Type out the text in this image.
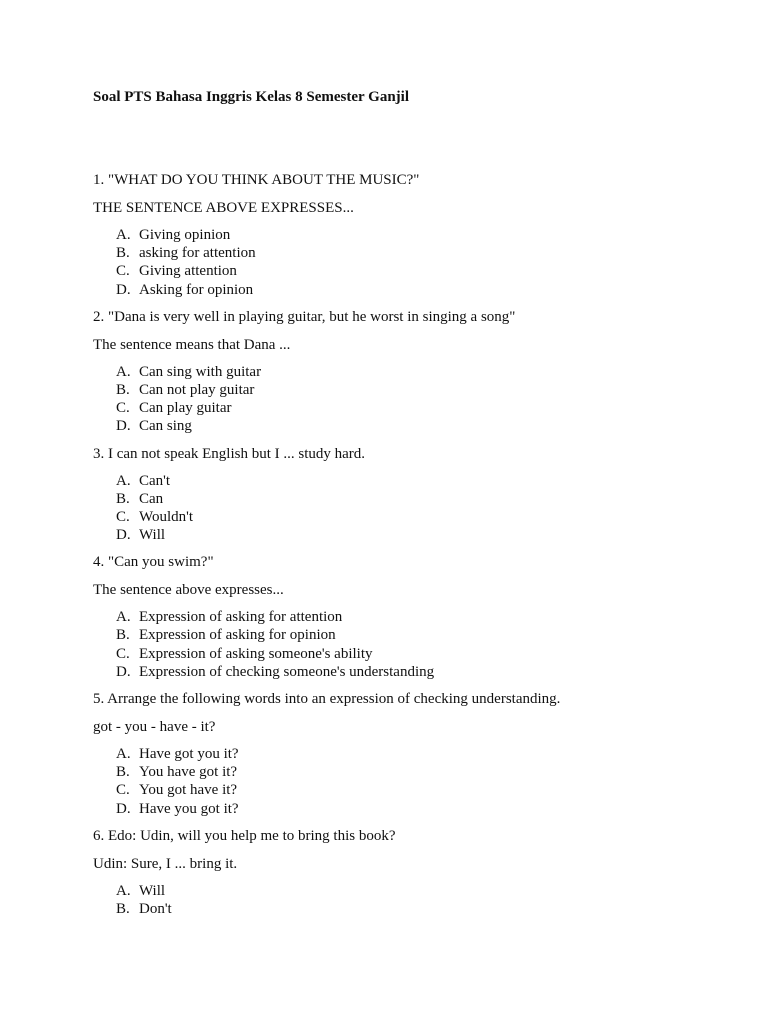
Soal PTS Bahasa Inggris Kelas 8 Semester Ganjil

1. "WHAT DO YOU THINK ABOUT THE MUSIC?"

THE SENTENCE ABOVE EXPRESSES...

A. Giving opinion
B. asking for attention
C. Giving attention
D. Asking for opinion

2. "Dana is very well in playing guitar, but he worst in singing a song"

The sentence means that Dana ...

A. Can sing with guitar
B. Can not play guitar
C. Can play guitar
D. Can sing

3. I can not speak English but I ... study hard.

A. Can't
B. Can
C. Wouldn't
D. Will

4. "Can you swim?"

The sentence above expresses...

A. Expression of asking for attention
B. Expression of asking for opinion
C. Expression of asking someone's ability
D. Expression of checking someone's understanding

5. Arrange the following words into an expression of checking understanding.

got - you - have - it?

A. Have got you it?
B. You have got it?
C. You got have it?
D. Have you got it?

6. Edo: Udin, will you help me to bring this book?

Udin: Sure, I ... bring it.

A. Will
B. Don't
